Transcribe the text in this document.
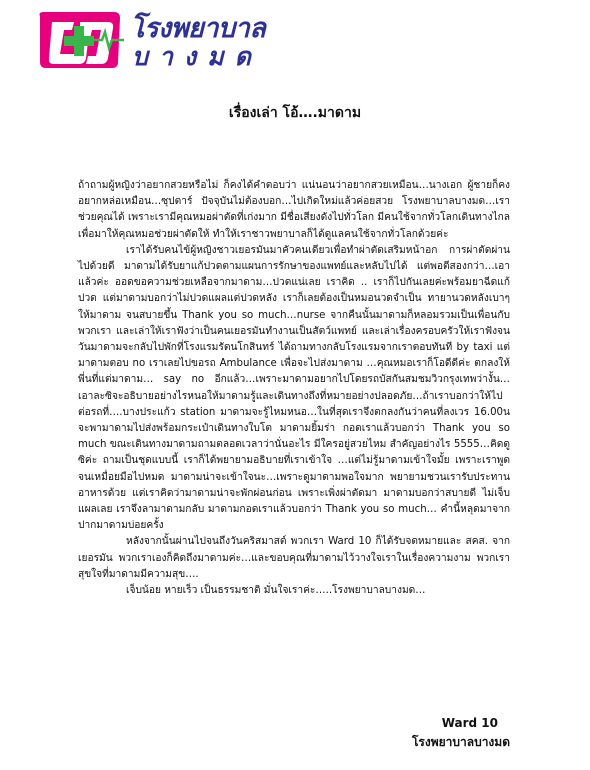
โรงพยาบาล
บางมด
เรื่องเล่า โอ้….มาดาม

ถ้าถามผู้หญิงว่าอยากสวยหรือไม่ ก็คงได้คำตอบว่า แน่นอนว่าอยากสวยเหมือน…นางเอก ผู้ชายก็คงอยากหล่อเหมือน…ซุปตาร์ ปัจจุบันไม่ต้องบอก…ไปเกิดใหม่แล้วค่อยสวย โรงพยาบาลบางมด…เราช่วยคุณได้ เพราะเรามีคุณหมอผ่าตัดที่เก่งมาก มีชื่อเสียงดังไปทั่วโลก มีคนใช้จากทั่วโลกเดินทางไกลเพื่อมาให้คุณหมอช่วยผ่าตัดให้ ทำให้เราชาวพยาบาลก็ได้ดูแลคนใช้จากทั่วโลกด้วยค่ะ

เราได้รับคนไข้ผู้หญิงชาวเยอรมันมาคัวคนเดียวเพื่อทำผ่าตัดเสริมหน้าอก การผ่าตัดผ่านไปด้วยดี มาดามได้รับยาแก้ปวดตามแผนการรักษาของแพทย์และหลับไปได้ แต่พอตีสองกว่า…เอาแล้วค่ะ ออดขอความช่วยเหลือจากมาดาม…ปวดแน่เลย เราคิด .. เราก็ไปกันเลยค่ะพร้อมยาฉีดแก้ปวด แต่มาดามบอกว่าไม่ปวดแผลแต่ปวดหลัง เราก็เลยต้องเป็นหมอนวดจำเป็น ทายานวดหลังเบาๆ ให้มาดาม จนสบายขึ้น Thank you so much…nurse จากคืนนั้นมาดามก็หลอมรวมเป็นเพื่อนกับพวกเรา และเล่าให้เราฟังว่าเป็นคนเยอรมันทำงานเป็นสัตว์แพทย์ และเล่าเรื่องครอบครัวให้เราฟังจนวันมาดามจะกลับไปพักที่โรงแรมรัตนโกสินทร์ ได้ถามทางกลับโรงแรมจากเราตอบทันที by taxi แต่มาดามตอบ no เราเลยไปขอรถ Ambulance เพื่อจะไปส่งมาดาม …คุณหมอเราก็โอดีดีค่ะ ตกลงให้พี่นที่แต่มาดาม… say no อีกแล้ว…เพราะมาดามอยากไปโดยรถบัสกันสมชมวิวกรุงเทพว่างั้น…เอาละซิจะอธิบายอย่างไรหนอให้มาดามรู้และเดินทางถึงที่หมายอย่างปลอดภัย…ถ้าเราบอกว่าให้ไปต่อรถที่….บางประแก้ว station มาดามจะรู้ไหมหนอ…ในที่สุดเราจึงตกลงกันว่าคนที่ลงเวร 16.00น จะพามาดามไปส่งพร้อมกระเป๋าเดินทางใบโต มาดามยิ้มร่า กอดเราแล้วบอกว่า Thank you so much ขณะเดินทางมาดามถามตลอดเวลาว่านั่นอะไร มีใครอยู่สวยไหม สำคัญอย่างไร 5555…คิดดูซิค่ะ ถามเป็นชุดแบบนี้ เราก็ได้พยายามอธิบายที่เราเข้าใจ …แต่ไม่รู้มาดามเข้าใจมั้ย เพราะเราพูดจนเหมื่อยมือไปหมด มาดามน่าจะเข้าใจนะ…เพราะดูมาดามพอใจมาก พยายามชวนเรารับประทานอาหารด้วย แต่เราคิดว่ามาดามน่าจะพักผ่อนก่อน เพราะเพิ่งผ่าตัดมา มาดามบอกว่าสบายดี ไม่เจ็บแผลเลย เราจึงลามาดามกลับ มาดามกอดเราแล้วบอกว่า Thank you so much… คำนี้หลุดมาจากปากมาดามบ่อยครั้ง

หลังจากนั้นผ่านไปจนถึงวันคริสมาสต์ พวกเรา Ward 10 ก็ได้รับจดหมายและ สคส. จากเยอรมัน พวกเราเองก็คิดถึงมาดามค่ะ…และขอบคุณที่มาดามไว้วางใจเราในเรื่องความงาม พวกเราสุขใจที่มาดามมีความสุข….

เจ็บน้อย หายเร็ว เป็นธรรมชาติ มั่นใจเราค่ะ…..โรงพยาบาลบางมด…

Ward 10
โรงพยาบาลบางมด
